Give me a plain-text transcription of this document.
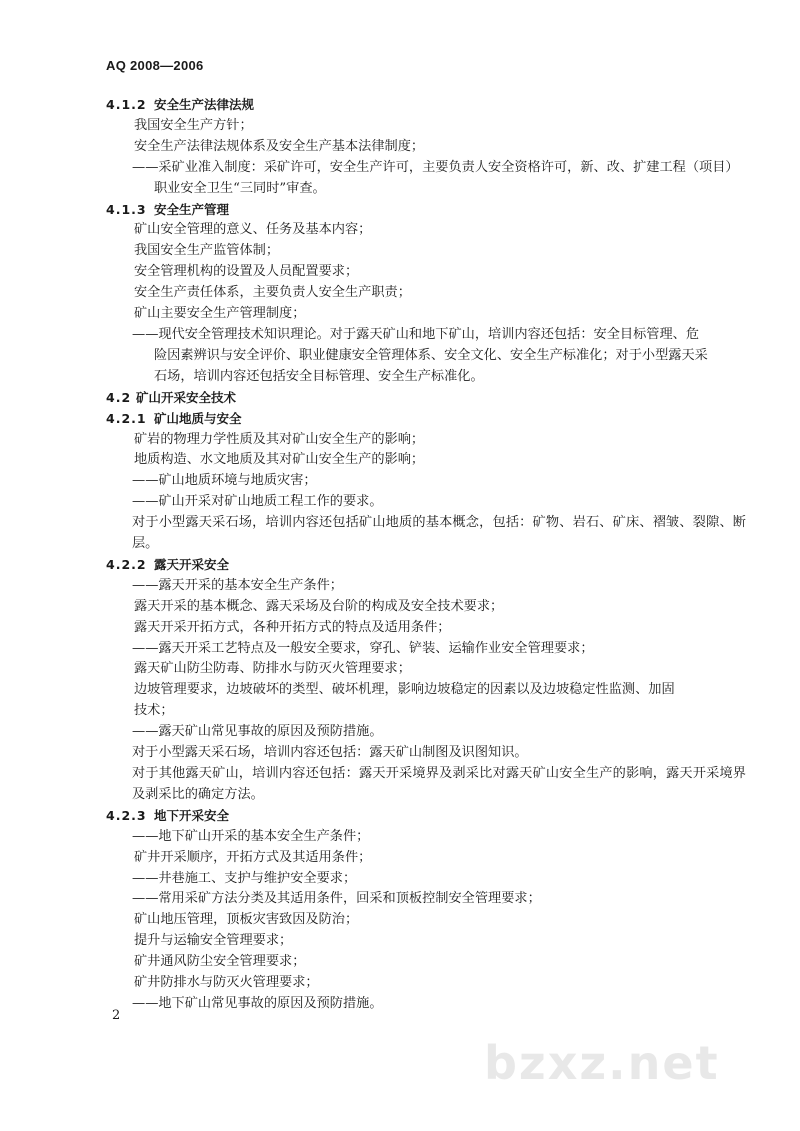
AQ 2008—2006
4.1.2 安全生产法律法规
我国安全生产方针；
安全生产法律法规体系及安全生产基本法律制度；
——采矿业准入制度：采矿许可，安全生产许可，主要负责人安全资格许可，新、改、扩建工程（项目）
职业安全卫生“三同时”审查。
4.1.3 安全生产管理
矿山安全管理的意义、任务及基本内容；
我国安全生产监管体制；
安全管理机构的设置及人员配置要求；
安全生产责任体系，主要负责人安全生产职责；
矿山主要安全生产管理制度；
——现代安全管理技术知识理论。对于露天矿山和地下矿山，培训内容还包括：安全目标管理、危
险因素辨识与安全评价、职业健康安全管理体系、安全文化、安全生产标准化；对于小型露天采
石场，培训内容还包括安全目标管理、安全生产标准化。
4.2 矿山开采安全技术
4.2.1 矿山地质与安全
矿岩的物理力学性质及其对矿山安全生产的影响；
地质构造、水文地质及其对矿山安全生产的影响；
——矿山地质环境与地质灾害；
——矿山开采对矿山地质工程工作的要求。
对于小型露天采石场，培训内容还包括矿山地质的基本概念，包括：矿物、岩石、矿床、褶皱、裂隙、断层。
4.2.2 露天开采安全
——露天开采的基本安全生产条件；
露天开采的基本概念、露天采场及台阶的构成及安全技术要求；
露天开采开拓方式，各种开拓方式的特点及适用条件；
——露天开采工艺特点及一般安全要求，穿孔、铲装、运输作业安全管理要求；
露天矿山防尘防毒、防排水与防灭火管理要求；
边坡管理要求，边坡破坏的类型、破坏机理，影响边坡稳定的因素以及边坡稳定性监测、加固
技术；
——露天矿山常见事故的原因及预防措施。
对于小型露天采石场，培训内容还包括：露天矿山制图及识图知识。
对于其他露天矿山，培训内容还包括：露天开采境界及剥采比对露天矿山安全生产的影响，露天开采境界及剥采比的确定方法。
4.2.3 地下开采安全
——地下矿山开采的基本安全生产条件；
矿井开采顺序，开拓方式及其适用条件；
——井巷施工、支护与维护安全要求；
——常用采矿方法分类及其适用条件，回采和顶板控制安全管理要求；
矿山地压管理，顶板灾害致因及防治；
提升与运输安全管理要求；
矿井通风防尘安全管理要求；
矿井防排水与防灭火管理要求；
——地下矿山常见事故的原因及预防措施。
2
bzxz.net
